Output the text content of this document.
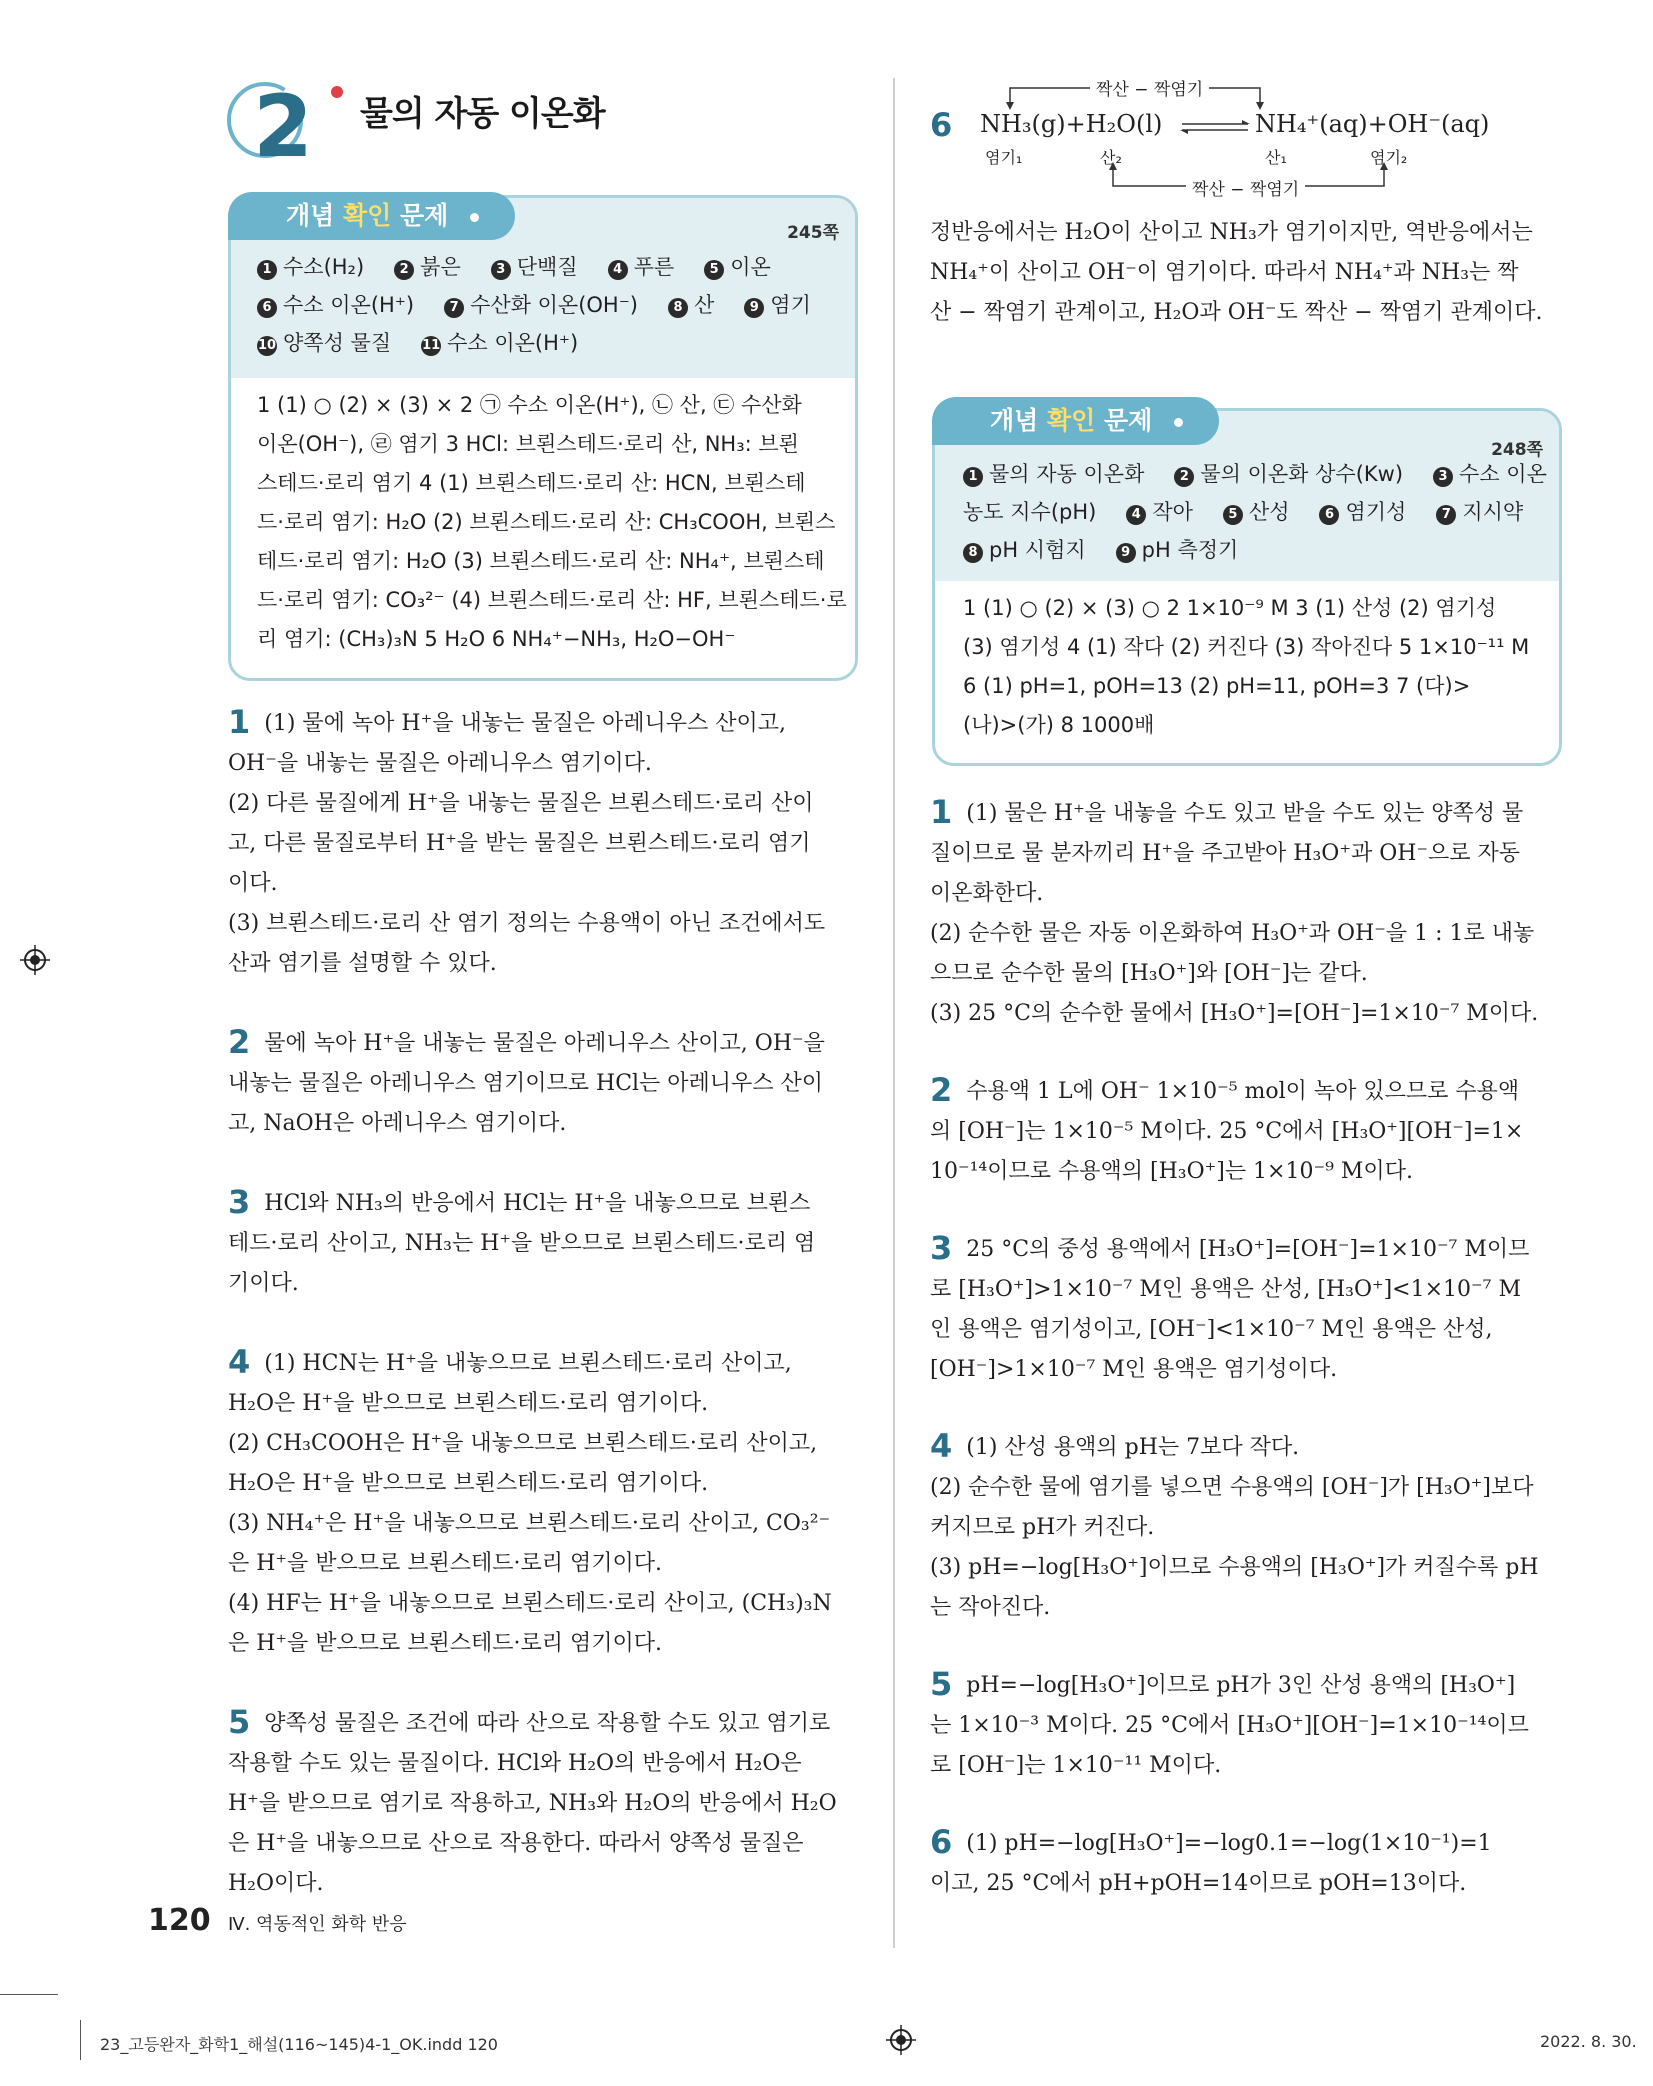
2 물의 자동 이온화
245쪽
1 수소(H₂)	2 붉은	3 단백질	4 푸른	5 이온
6 수소 이온(H⁺)	7 수산화 이온(OH⁻)	8 산	9 염기
10 양쪽성 물질 11 수소 이온(H⁺)
1 (1) ○ (2) × (3) × 2 ㉠ 수소 이온(H⁺), ㉡ 산, ㉢ 수산화
이온(OH⁻), ㉣ 염기 3 HCl: 브뢴스테드·로리 산, NH₃: 브뢴
스테드·로리 염기 4 (1) 브뢴스테드·로리 산: HCN, 브뢴스테
드·로리 염기: H₂O (2) 브뢴스테드·로리 산: CH₃COOH, 브뢴스
테드·로리 염기: H₂O (3) 브뢴스테드·로리 산: NH₄⁺, 브뢴스테
드·로리 염기: CO₃²⁻ (4) 브뢴스테드·로리 산: HF, 브뢴스테드·로
리 염기: (CH₃)₃N 5 H₂O 6 NH₄⁺−NH₃, H₂O−OH⁻
개념 확인 문제

1 (1) 물에 녹아 H⁺을 내놓는 물질은 아레니우스 산이고,

OH⁻을 내놓는 물질은 아레니우스 염기이다.

(2) 다른 물질에게 H⁺을 내놓는 물질은 브뢴스테드·로리 산이

고, 다른 물질로부터 H⁺을 받는 물질은 브뢴스테드·로리 염기

이다.

(3) 브뢴스테드·로리 산 염기 정의는 수용액이 아닌 조건에서도

산과 염기를 설명할 수 있다.

2 물에 녹아 H⁺을 내놓는 물질은 아레니우스 산이고, OH⁻을

내놓는 물질은 아레니우스 염기이므로 HCl는 아레니우스 산이

고, NaOH은 아레니우스 염기이다.

3 HCl와 NH₃의 반응에서 HCl는 H⁺을 내놓으므로 브뢴스

테드·로리 산이고, NH₃는 H⁺을 받으므로 브뢴스테드·로리 염

기이다.

4 (1) HCN는 H⁺을 내놓으므로 브뢴스테드·로리 산이고,

H₂O은 H⁺을 받으므로 브뢴스테드·로리 염기이다.

(2) CH₃COOH은 H⁺을 내놓으므로 브뢴스테드·로리 산이고,

H₂O은 H⁺을 받으므로 브뢴스테드·로리 염기이다.

(3) NH₄⁺은 H⁺을 내놓으므로 브뢴스테드·로리 산이고, CO₃²⁻

은 H⁺을 받으므로 브뢴스테드·로리 염기이다.

(4) HF는 H⁺을 내놓으므로 브뢴스테드·로리 산이고, (CH₃)₃N

은 H⁺을 받으므로 브뢴스테드·로리 염기이다.

5 양쪽성 물질은 조건에 따라 산으로 작용할 수도 있고 염기로

작용할 수도 있는 물질이다. HCl와 H₂O의 반응에서 H₂O은

H⁺을 받으므로 염기로 작용하고, NH₃와 H₂O의 반응에서 H₂O

은 H⁺을 내놓으므로 산으로 작용한다. 따라서 양쪽성 물질은

H₂O이다.

6
짝산 − 짝염기
짝산 − 짝염기
NH₃(g)+H₂O(l)	NH₄⁺(aq)+OH⁻(aq)
염기₁	산₂	산₁	염기₂

정반응에서는 H₂O이 산이고 NH₃가 염기이지만, 역반응에서는

NH₄⁺이 산이고 OH⁻이 염기이다. 따라서 NH₄⁺과 NH₃는 짝

산 − 짝염기 관계이고, H₂O과 OH⁻도 짝산 − 짝염기 관계이다.

248쪽
1 물의 자동 이온화	2 물의 이온화 상수(Kw)	3 수소 이온
농도 지수(pH)	4 작아	5 산성	6 염기성	7 지시약
8 pH 시험지	9 pH 측정기
1 (1) ○ (2) × (3) ○ 2 1×10⁻⁹ M 3 (1) 산성 (2) 염기성
(3) 염기성 4 (1) 작다 (2) 커진다 (3) 작아진다 5 1×10⁻¹¹ M
6 (1) pH=1, pOH=13 (2) pH=11, pOH=3 7 (다)>
(나)>(가) 8 1000배
개념 확인 문제

1 (1) 물은 H⁺을 내놓을 수도 있고 받을 수도 있는 양쪽성 물

질이므로 물 분자끼리 H⁺을 주고받아 H₃O⁺과 OH⁻으로 자동

이온화한다.

(2) 순수한 물은 자동 이온화하여 H₃O⁺과 OH⁻을 1 : 1로 내놓

으므로 순수한 물의 [H₃O⁺]와 [OH⁻]는 같다.

(3) 25 °C의 순수한 물에서 [H₃O⁺]=[OH⁻]=1×10⁻⁷ M이다.

2 수용액 1 L에 OH⁻ 1×10⁻⁵ mol이 녹아 있으므로 수용액

의 [OH⁻]는 1×10⁻⁵ M이다. 25 °C에서 [H₃O⁺][OH⁻]=1×

10⁻¹⁴이므로 수용액의 [H₃O⁺]는 1×10⁻⁹ M이다.

3 25 °C의 중성 용액에서 [H₃O⁺]=[OH⁻]=1×10⁻⁷ M이므

로 [H₃O⁺]>1×10⁻⁷ M인 용액은 산성, [H₃O⁺]<1×10⁻⁷ M

인 용액은 염기성이고, [OH⁻]<1×10⁻⁷ M인 용액은 산성,

[OH⁻]>1×10⁻⁷ M인 용액은 염기성이다.

4 (1) 산성 용액의 pH는 7보다 작다.

(2) 순수한 물에 염기를 넣으면 수용액의 [OH⁻]가 [H₃O⁺]보다

커지므로 pH가 커진다.

(3) pH=−log[H₃O⁺]이므로 수용액의 [H₃O⁺]가 커질수록 pH

는 작아진다.

5 pH=−log[H₃O⁺]이므로 pH가 3인 산성 용액의 [H₃O⁺]

는 1×10⁻³ M이다. 25 °C에서 [H₃O⁺][OH⁻]=1×10⁻¹⁴이므

로 [OH⁻]는 1×10⁻¹¹ M이다.

6 (1) pH=−log[H₃O⁺]=−log0.1=−log(1×10⁻¹)=1

이고, 25 °C에서 pH+pOH=14이므로 pOH=13이다.

120 Ⅳ. 역동적인 화학 반응
23_고등완자_화학1_해설(116~145)4-1_OK.indd 120	2022. 8. 30.
